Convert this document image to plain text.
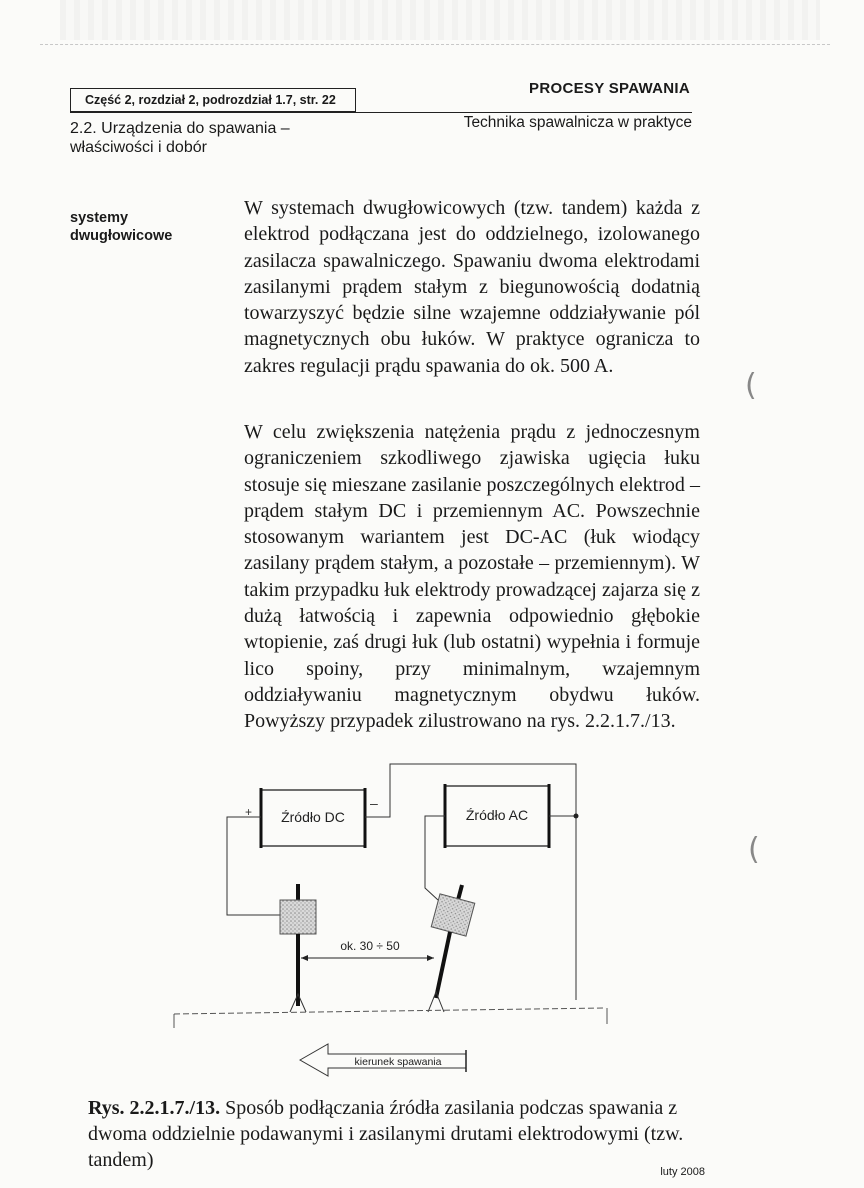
Część 2, rozdział 2, podrozdział 1.7, str. 22
PROCESY SPAWANIA
2.2. Urządzenia do spawania – właściwości i dobór
Technika spawalnicza w praktyce
systemy dwugłowicowe
W systemach dwugłowicowych (tzw. tandem) każda z elektrod podłączana jest do oddzielnego, izolowanego zasilacza spawalniczego. Spawaniu dwoma elektrodami zasilanymi prądem stałym z biegunowością dodatnią towarzyszyć będzie silne wzajemne oddziaływanie pól magnetycznych obu łuków. W praktyce ogranicza to zakres regulacji prądu spawania do ok. 500 A.
W celu zwiększenia natężenia prądu z jednoczesnym ograniczeniem szkodliwego zjawiska ugięcia łuku stosuje się mieszane zasilanie poszczególnych elektrod – prądem stałym DC i przemiennym AC. Powszechnie stosowanym wariantem jest DC-AC (łuk wiodący zasilany prądem stałym, a pozostałe – przemiennym). W takim przypadku łuk elektrody prowadzącej zajarza się z dużą łatwością i zapewnia odpowiednio głębokie wtopienie, zaś drugi łuk (lub ostatni) wypełnia i formuje lico spoiny, przy minimalnym, wzajemnym oddziaływaniu magnetycznym obydwu łuków. Powyższy przypadek zilustrowano na rys. 2.2.1.7./13.
(
(
Źródło DC
+
–
Źródło AC
ok. 30 ÷ 50
kierunek spawania
Rys. 2.2.1.7./13. Sposób podłączania źródła zasilania podczas spawania z dwoma oddzielnie podawanymi i zasilanymi drutami elektrodowymi (tzw. tandem)
luty 2008
